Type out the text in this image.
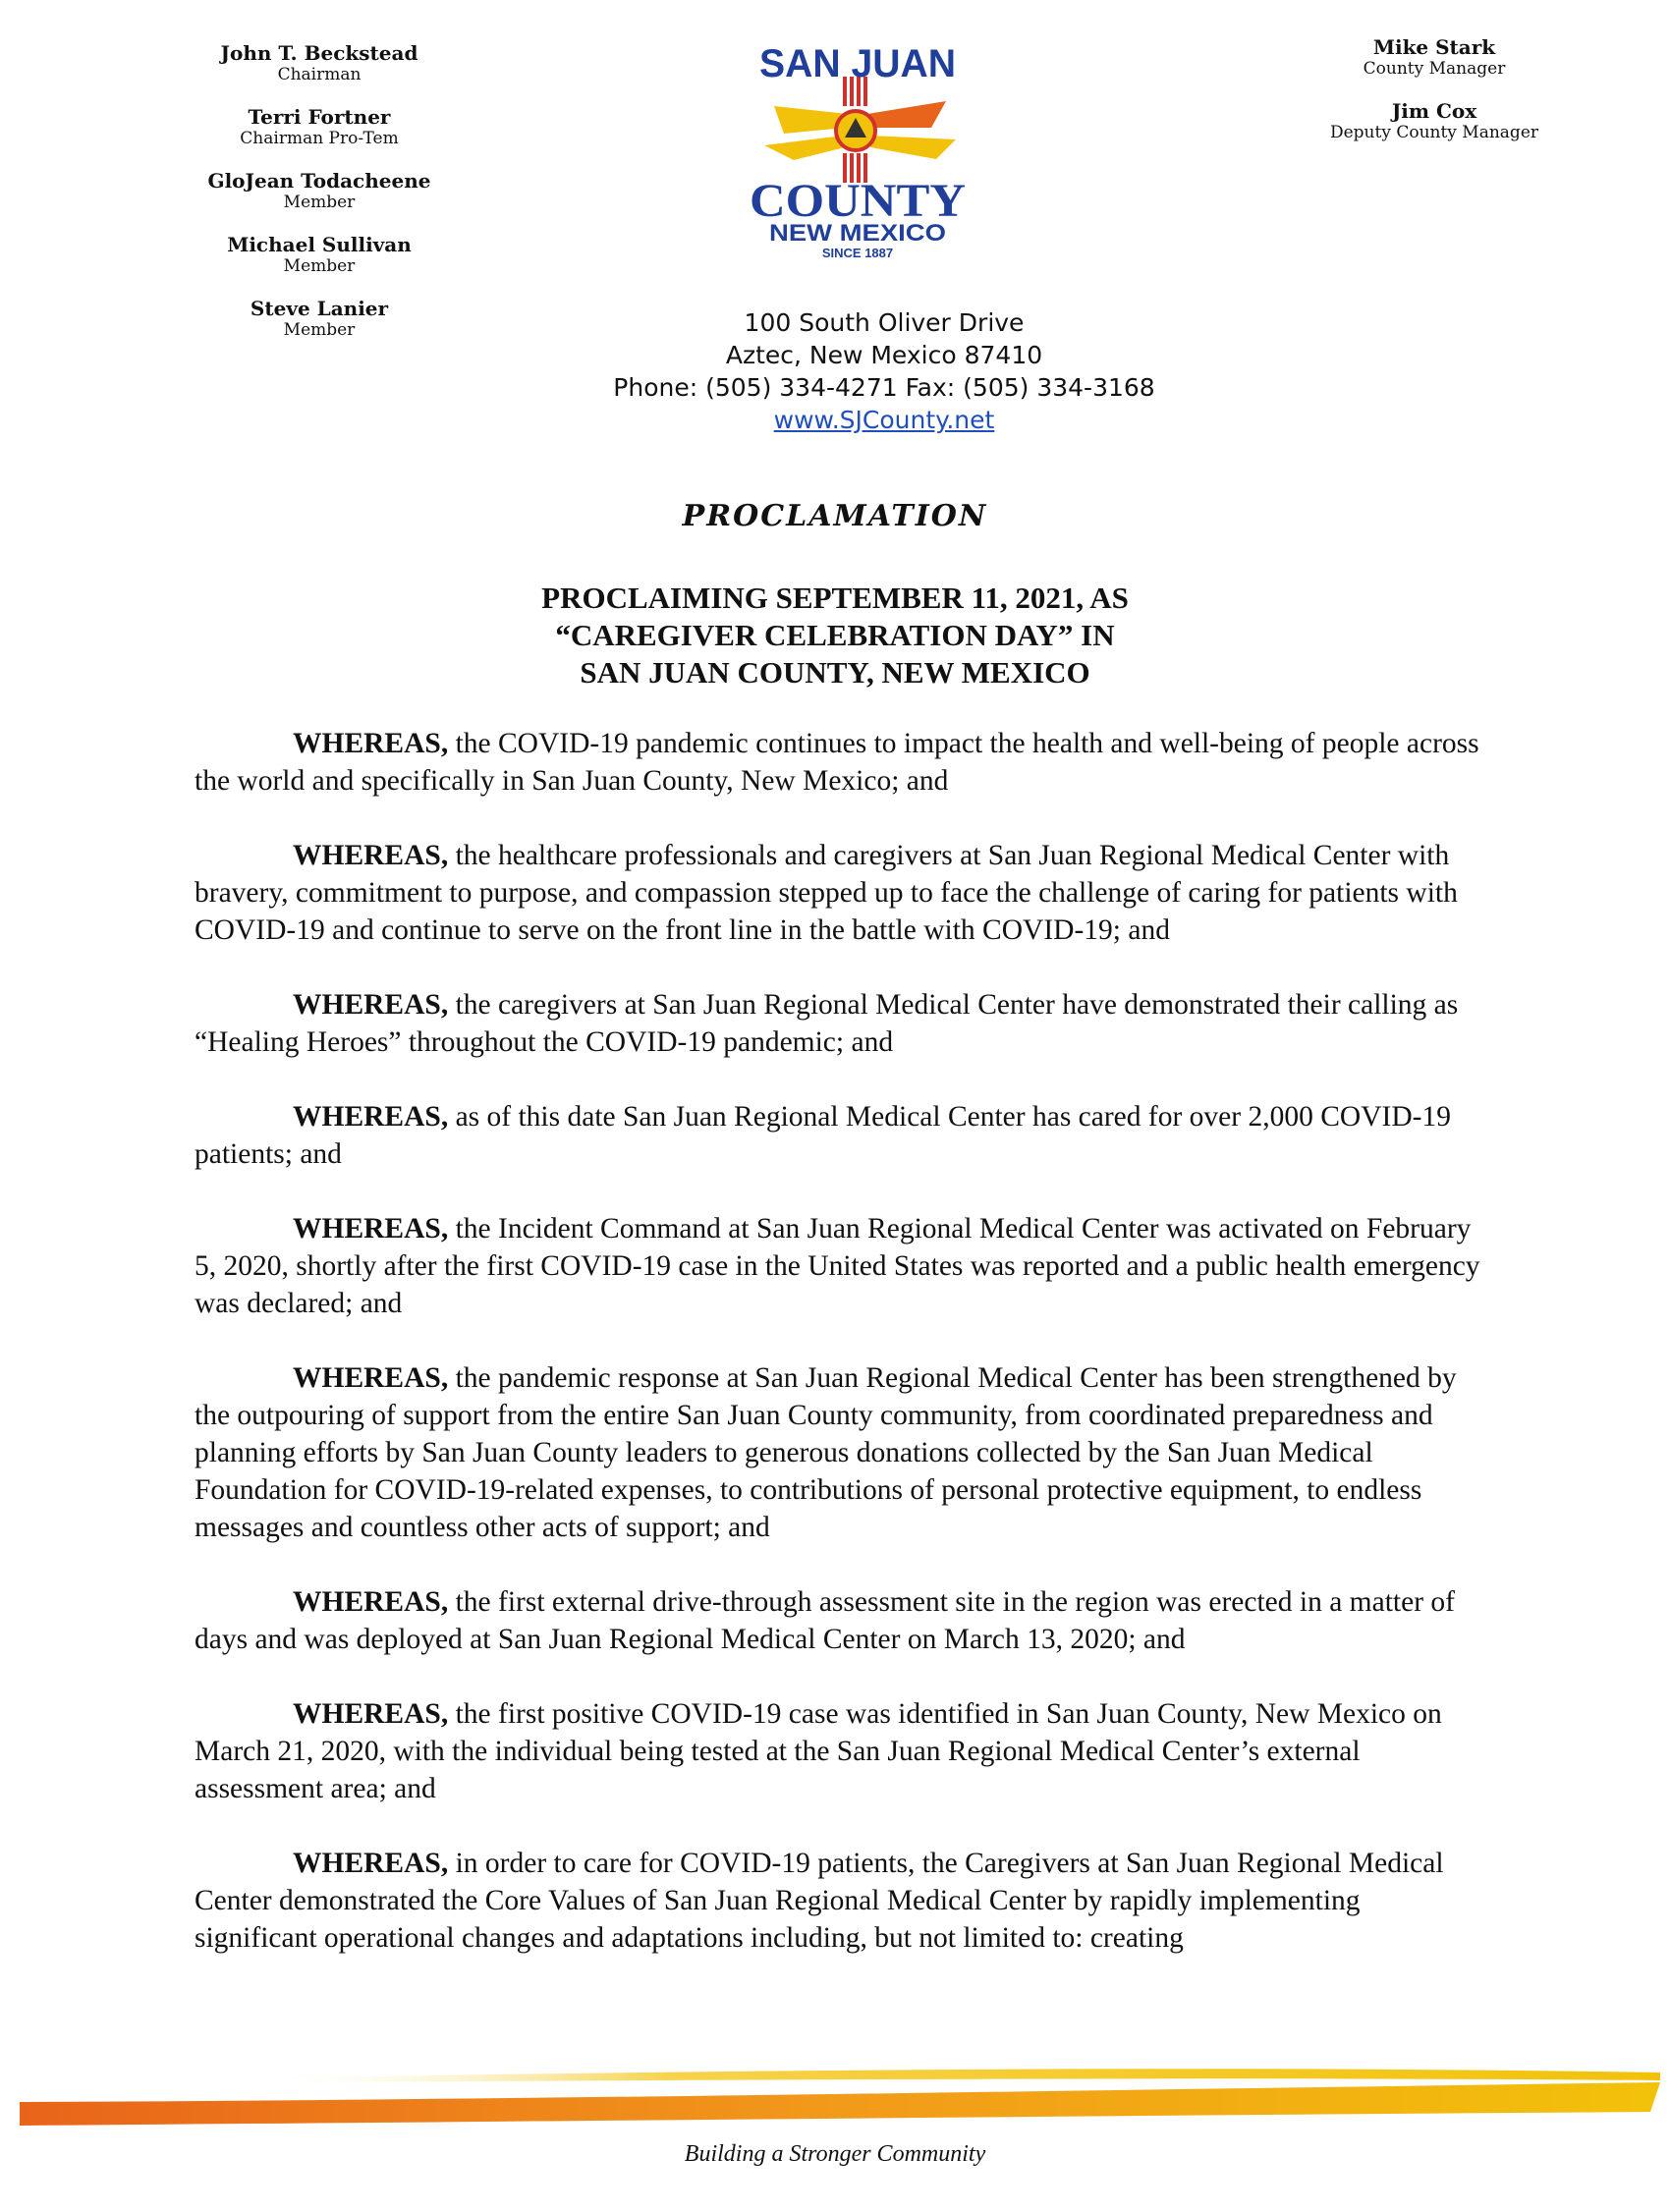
John T. Beckstead
Chairman
Terri Fortner
Chairman Pro-Tem
GloJean Todacheene
Member
Michael Sullivan
Member
Steve Lanier
Member
Mike Stark
County Manager
Jim Cox
Deputy County Manager
SAN JUAN
COUNTY
NEW MEXICO
SINCE 1887
100 South Oliver Drive
Aztec, New Mexico 87410
Phone: (505) 334-4271 Fax: (505) 334-3168
www.SJCounty.net
PROCLAMATION
PROCLAIMING SEPTEMBER 11, 2021, AS
“CAREGIVER CELEBRATION DAY” IN
SAN JUAN COUNTY, NEW MEXICO

WHEREAS, the COVID-19 pandemic continues to impact the health and well-being of people across the world and specifically in San Juan County, New Mexico; and

WHEREAS, the healthcare professionals and caregivers at San Juan Regional Medical Center with bravery, commitment to purpose, and compassion stepped up to face the challenge of caring for patients with COVID-19 and continue to serve on the front line in the battle with COVID-19; and

WHEREAS, the caregivers at San Juan Regional Medical Center have demonstrated their calling as “Healing Heroes” throughout the COVID-19 pandemic; and

WHEREAS, as of this date San Juan Regional Medical Center has cared for over 2,000 COVID-19 patients; and

WHEREAS, the Incident Command at San Juan Regional Medical Center was activated on February 5, 2020, shortly after the first COVID-19 case in the United States was reported and a public health emergency was declared; and

WHEREAS, the pandemic response at San Juan Regional Medical Center has been strengthened by the outpouring of support from the entire San Juan County community, from coordinated preparedness and planning efforts by San Juan County leaders to generous donations collected by the San Juan Medical Foundation for COVID-19-related expenses, to contributions of personal protective equipment, to endless messages and countless other acts of support; and

WHEREAS, the first external drive-through assessment site in the region was erected in a matter of days and was deployed at San Juan Regional Medical Center on March 13, 2020; and

WHEREAS, the first positive COVID-19 case was identified in San Juan County, New Mexico on March 21, 2020, with the individual being tested at the San Juan Regional Medical Center’s external assessment area; and

WHEREAS, in order to care for COVID-19 patients, the Caregivers at San Juan Regional Medical Center demonstrated the Core Values of San Juan Regional Medical Center by rapidly implementing significant operational changes and adaptations including, but not limited to: creating

Building a Stronger Community
